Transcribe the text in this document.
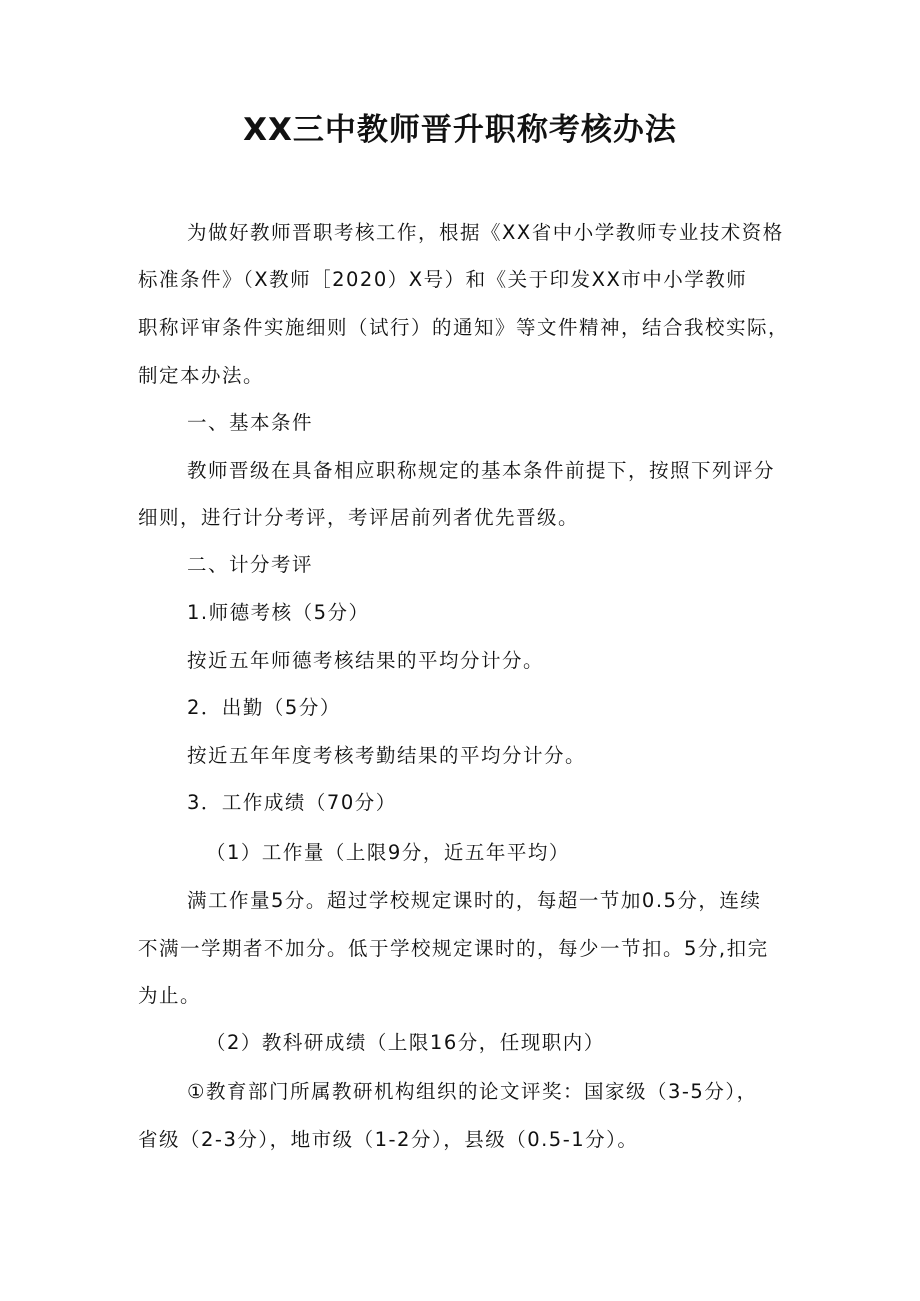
XX三中教师晋升职称考核办法
为做好教师晋职考核工作，根据《XX省中小学教师专业技术资格
标准条件》（X教师［2020）X号）和《关于印发XX市中小学教师
职称评审条件实施细则（试行）的通知》等文件精神，结合我校实际，
制定本办法。
一、基本条件
教师晋级在具备相应职称规定的基本条件前提下，按照下列评分
细则，进行计分考评，考评居前列者优先晋级。
二、计分考评
1.师德考核（5分）
按近五年师德考核结果的平均分计分。
2．出勤（5分）
按近五年年度考核考勤结果的平均分计分。
3．工作成绩（70分）
（1）工作量（上限9分，近五年平均）
满工作量5分。超过学校规定课时的，每超一节加0.5分，连续
不满一学期者不加分。低于学校规定课时的，每少一节扣。5分,扣完
为止。
（2）教科研成绩（上限16分，任现职内）
①教育部门所属教研机构组织的论文评奖：国家级（3-5分），
省级（2-3分），地市级（1-2分），县级（0.5-1分）。
